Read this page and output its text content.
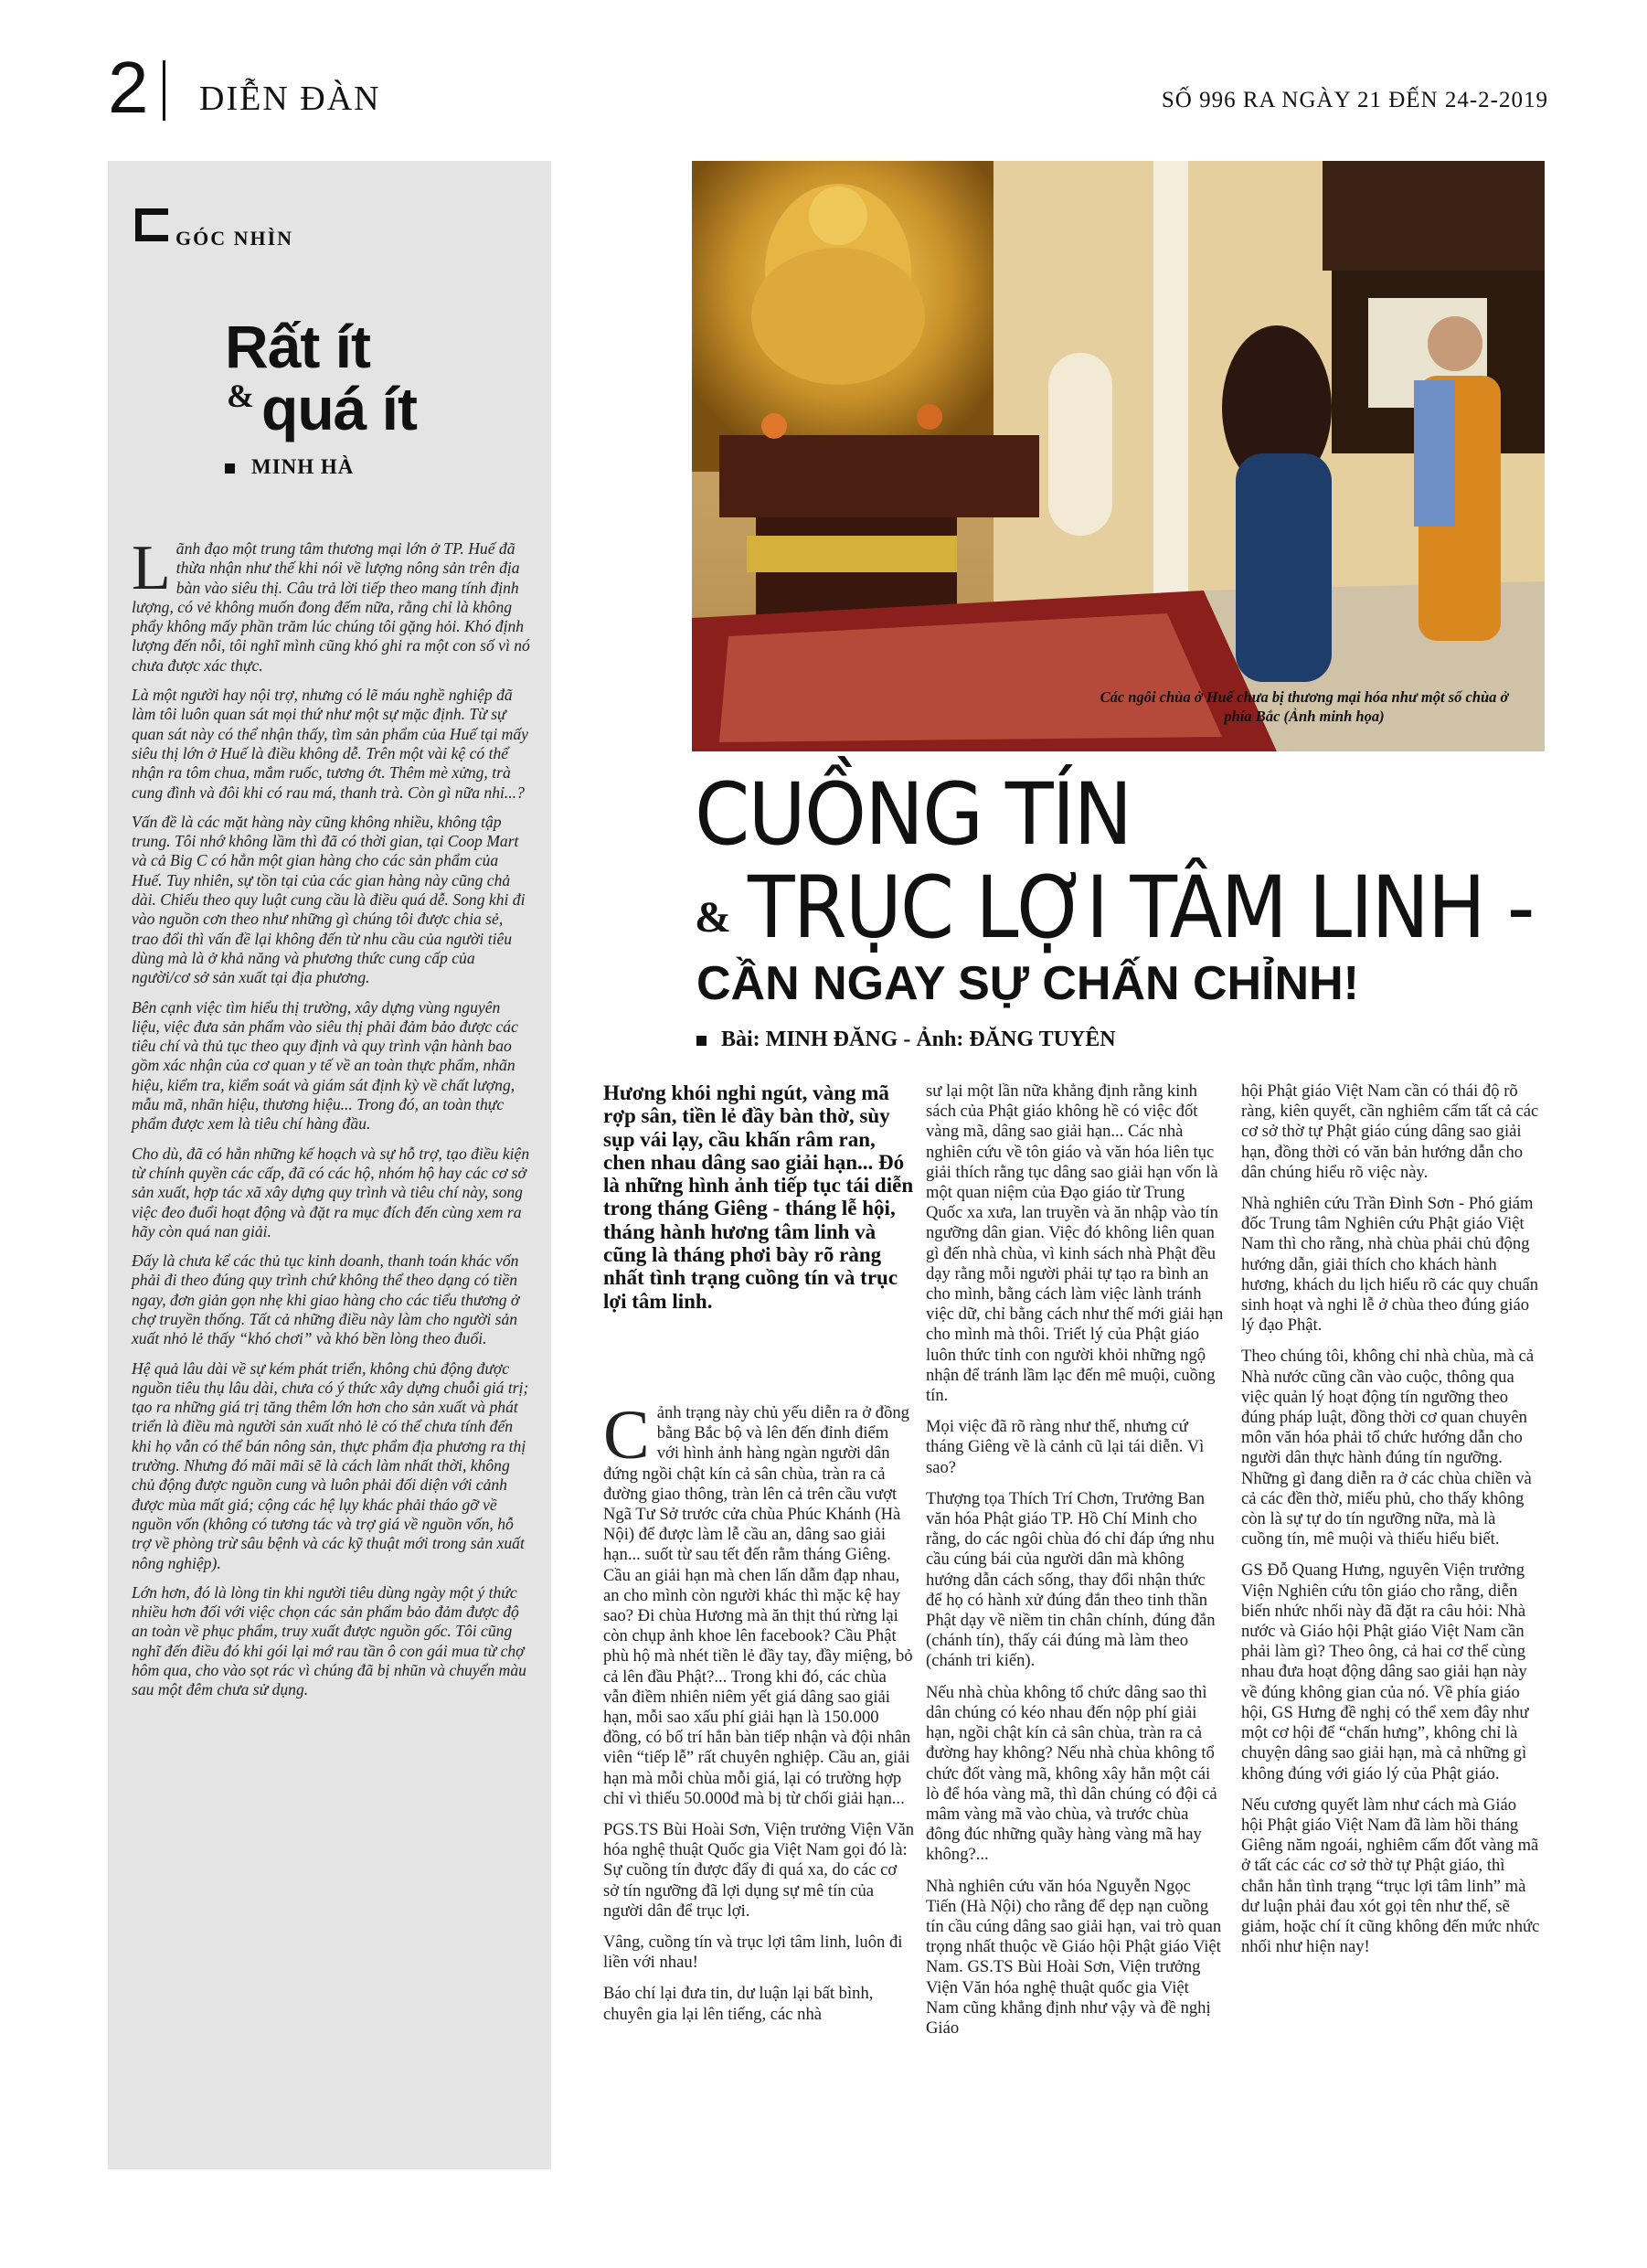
2 DIỄN ĐÀN	SỐ 996 RA NGÀY 21 ĐẾN 24-2-2019
GÓC NHÌN
Rất ít
& quá ít
MINH HÀ

Lãnh đạo một trung tâm thương mại lớn ở TP. Huế đã thừa nhận như thế khi nói về lượng nông sản trên địa bàn vào siêu thị. Câu trả lời tiếp theo mang tính định lượng, có vẻ không muốn đong đếm nữa, rằng chỉ là không phẩy không mấy phần trăm lúc chúng tôi gặng hỏi. Khó định lượng đến nỗi, tôi nghĩ mình cũng khó ghi ra một con số vì nó chưa được xác thực.

Là một người hay nội trợ, nhưng có lẽ máu nghề nghiệp đã làm tôi luôn quan sát mọi thứ như một sự mặc định. Từ sự quan sát này có thể nhận thấy, tìm sản phẩm của Huế tại mấy siêu thị lớn ở Huế là điều không dễ. Trên một vài kệ có thể nhận ra tôm chua, mắm ruốc, tương ớt. Thêm mè xửng, trà cung đình và đôi khi có rau má, thanh trà. Còn gì nữa nhỉ...?

Vấn đề là các mặt hàng này cũng không nhiều, không tập trung. Tôi nhớ không lầm thì đã có thời gian, tại Coop Mart và cả Big C có hẳn một gian hàng cho các sản phẩm của Huế. Tuy nhiên, sự tồn tại của các gian hàng này cũng chả dài. Chiếu theo quy luật cung cầu là điều quá dễ. Song khi đi vào nguồn cơn theo như những gì chúng tôi được chia sẻ, trao đổi thì vấn đề lại không đến từ nhu cầu của người tiêu dùng mà là ở khả năng và phương thức cung cấp của người/cơ sở sản xuất tại địa phương.

Bên cạnh việc tìm hiểu thị trường, xây dựng vùng nguyên liệu, việc đưa sản phẩm vào siêu thị phải đảm bảo được các tiêu chí và thủ tục theo quy định và quy trình vận hành bao gồm xác nhận của cơ quan y tế về an toàn thực phẩm, nhãn hiệu, kiểm tra, kiểm soát và giám sát định kỳ về chất lượng, mẫu mã, nhãn hiệu, thương hiệu... Trong đó, an toàn thực phẩm được xem là tiêu chí hàng đầu.

Cho dù, đã có hẳn những kế hoạch và sự hỗ trợ, tạo điều kiện từ chính quyền các cấp, đã có các hộ, nhóm hộ hay các cơ sở sản xuất, hợp tác xã xây dựng quy trình và tiêu chí này, song việc đeo đuổi hoạt động và đặt ra mục đích đến cùng xem ra hãy còn quá nan giải.

Đấy là chưa kể các thủ tục kinh doanh, thanh toán khác vốn phải đi theo đúng quy trình chứ không thể theo dạng có tiền ngay, đơn giản gọn nhẹ khi giao hàng cho các tiểu thương ở chợ truyền thống. Tất cả những điều này làm cho người sản xuất nhỏ lẻ thấy “khó chơi” và khó bền lòng theo đuổi.

Hệ quả lâu dài về sự kém phát triển, không chủ động được nguồn tiêu thụ lâu dài, chưa có ý thức xây dựng chuỗi giá trị; tạo ra những giá trị tăng thêm lớn hơn cho sản xuất và phát triển là điều mà người sản xuất nhỏ lẻ có thể chưa tính đến khi họ vẫn có thể bán nông sản, thực phẩm địa phương ra thị trường. Nhưng đó mãi mãi sẽ là cách làm nhất thời, không chủ động được nguồn cung và luôn phải đối diện với cảnh được mùa mất giá; cộng các hệ lụy khác phải tháo gỡ về nguồn vốn (không có tương tác và trợ giá về nguồn vốn, hỗ trợ về phòng trừ sâu bệnh và các kỹ thuật mới trong sản xuất nông nghiệp).

Lớn hơn, đó là lòng tin khi người tiêu dùng ngày một ý thức nhiều hơn đối với việc chọn các sản phẩm bảo đảm được độ an toàn về phục phẩm, truy xuất được nguồn gốc. Tôi cũng nghĩ đến điều đó khi gói lại mớ rau tần ô con gái mua từ chợ hôm qua, cho vào sọt rác vì chúng đã bị nhũn và chuyển màu sau một đêm chưa sử dụng.

Các ngôi chùa ở Huế chưa bị thương mại hóa như một số chùa ở phía Bắc (Ảnh minh họa)
CUỒNG TÍN
& TRỤC LỢI TÂM LINH -
CẦN NGAY SỰ CHẤN CHỈNH!
Bài: MINH ĐĂNG - Ảnh: ĐĂNG TUYÊN
Hương khói nghi ngút, vàng mã rợp sân, tiền lẻ đầy bàn thờ, sùy sụp vái lạy, cầu khấn râm ran, chen nhau dâng sao giải hạn... Đó là những hình ảnh tiếp tục tái diễn trong tháng Giêng - tháng lễ hội, tháng hành hương tâm linh và cũng là tháng phơi bày rõ ràng nhất tình trạng cuồng tín và trục lợi tâm linh.

Cảnh trạng này chủ yếu diễn ra ở đồng bằng Bắc bộ và lên đến đỉnh điểm với hình ảnh hàng ngàn người dân đứng ngồi chật kín cả sân chùa, tràn ra cả đường giao thông, tràn lên cả trên cầu vượt Ngã Tư Sở trước cửa chùa Phúc Khánh (Hà Nội) để được làm lễ cầu an, dâng sao giải hạn... suốt từ sau tết đến rằm tháng Giêng. Cầu an giải hạn mà chen lấn dẫm đạp nhau, an cho mình còn người khác thì mặc kệ hay sao? Đi chùa Hương mà ăn thịt thú rừng lại còn chụp ảnh khoe lên facebook? Cầu Phật phù hộ mà nhét tiền lẻ đầy tay, đầy miệng, bỏ cả lên đầu Phật?... Trong khi đó, các chùa vẫn điềm nhiên niêm yết giá dâng sao giải hạn, mỗi sao xấu phí giải hạn là 150.000 đồng, có bố trí hẳn bàn tiếp nhận và đội nhân viên “tiếp lễ” rất chuyên nghiệp. Cầu an, giải hạn mà mỗi chùa mỗi giá, lại có trường hợp chỉ vì thiếu 50.000đ mà bị từ chối giải hạn...

PGS.TS Bùi Hoài Sơn, Viện trưởng Viện Văn hóa nghệ thuật Quốc gia Việt Nam gọi đó là: Sự cuồng tín được đẩy đi quá xa, do các cơ sở tín ngưỡng đã lợi dụng sự mê tín của người dân để trục lợi.

Vâng, cuồng tín và trục lợi tâm linh, luôn đi liền với nhau!

Báo chí lại đưa tin, dư luận lại bất bình, chuyên gia lại lên tiếng, các nhà

sư lại một lần nữa khẳng định rằng kinh sách của Phật giáo không hề có việc đốt vàng mã, dâng sao giải hạn... Các nhà nghiên cứu về tôn giáo và văn hóa liên tục giải thích rằng tục dâng sao giải hạn vốn là một quan niệm của Đạo giáo từ Trung Quốc xa xưa, lan truyền và ăn nhập vào tín ngưỡng dân gian. Việc đó không liên quan gì đến nhà chùa, vì kinh sách nhà Phật đều dạy rằng mỗi người phải tự tạo ra bình an cho mình, bằng cách làm việc lành tránh việc dữ, chỉ bằng cách như thế mới giải hạn cho mình mà thôi. Triết lý của Phật giáo luôn thức tỉnh con người khỏi những ngộ nhận để tránh lầm lạc đến mê muội, cuồng tín.

Mọi việc đã rõ ràng như thế, nhưng cứ tháng Giêng về là cảnh cũ lại tái diễn. Vì sao?

Thượng tọa Thích Trí Chơn, Trưởng Ban văn hóa Phật giáo TP. Hồ Chí Minh cho rằng, do các ngôi chùa đó chỉ đáp ứng nhu cầu cúng bái của người dân mà không hướng dẫn cách sống, thay đổi nhận thức để họ có hành xử đúng đắn theo tinh thần Phật dạy về niềm tin chân chính, đúng đắn (chánh tín), thấy cái đúng mà làm theo (chánh tri kiến).

Nếu nhà chùa không tổ chức dâng sao thì dân chúng có kéo nhau đến nộp phí giải hạn, ngồi chật kín cả sân chùa, tràn ra cả đường hay không? Nếu nhà chùa không tổ chức đốt vàng mã, không xây hẳn một cái lò để hóa vàng mã, thì dân chúng có đội cả mâm vàng mã vào chùa, và trước chùa đông đúc những quầy hàng vàng mã hay không?...

Nhà nghiên cứu văn hóa Nguyễn Ngọc Tiến (Hà Nội) cho rằng để dẹp nạn cuồng tín cầu cúng dâng sao giải hạn, vai trò quan trọng nhất thuộc về Giáo hội Phật giáo Việt Nam. GS.TS Bùi Hoài Sơn, Viện trưởng Viện Văn hóa nghệ thuật quốc gia Việt Nam cũng khẳng định như vậy và đề nghị Giáo

hội Phật giáo Việt Nam cần có thái độ rõ ràng, kiên quyết, cần nghiêm cấm tất cả các cơ sở thờ tự Phật giáo cúng dâng sao giải hạn, đồng thời có văn bản hướng dẫn cho dân chúng hiểu rõ việc này.

Nhà nghiên cứu Trần Đình Sơn - Phó giám đốc Trung tâm Nghiên cứu Phật giáo Việt Nam thì cho rằng, nhà chùa phải chủ động hướng dẫn, giải thích cho khách hành hương, khách du lịch hiểu rõ các quy chuẩn sinh hoạt và nghi lễ ở chùa theo đúng giáo lý đạo Phật.

Theo chúng tôi, không chỉ nhà chùa, mà cả Nhà nước cũng cần vào cuộc, thông qua việc quản lý hoạt động tín ngưỡng theo đúng pháp luật, đồng thời cơ quan chuyên môn văn hóa phải tổ chức hướng dẫn cho người dân thực hành đúng tín ngưỡng. Những gì đang diễn ra ở các chùa chiền và cả các đền thờ, miếu phủ, cho thấy không còn là sự tự do tín ngưỡng nữa, mà là cuồng tín, mê muội và thiếu hiểu biết.

GS Đỗ Quang Hưng, nguyên Viện trưởng Viện Nghiên cứu tôn giáo cho rằng, diễn biến nhức nhối này đã đặt ra câu hỏi: Nhà nước và Giáo hội Phật giáo Việt Nam cần phải làm gì? Theo ông, cả hai cơ thể cùng nhau đưa hoạt động dâng sao giải hạn này về đúng không gian của nó. Về phía giáo hội, GS Hưng đề nghị có thể xem đây như một cơ hội để “chấn hưng”, không chỉ là chuyện dâng sao giải hạn, mà cả những gì không đúng với giáo lý của Phật giáo.

Nếu cương quyết làm như cách mà Giáo hội Phật giáo Việt Nam đã làm hồi tháng Giêng năm ngoái, nghiêm cấm đốt vàng mã ở tất các các cơ sở thờ tự Phật giáo, thì chẳn hẳn tình trạng “trục lợi tâm linh” mà dư luận phải đau xót gọi tên như thế, sẽ giảm, hoặc chí ít cũng không đến mức nhức nhối như hiện nay!
